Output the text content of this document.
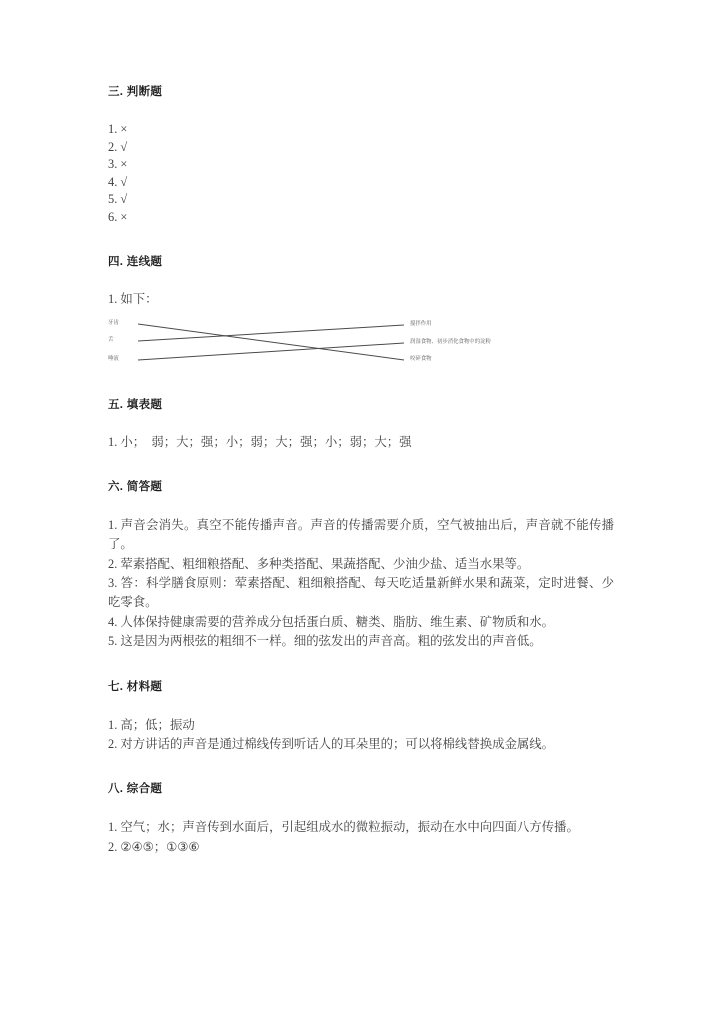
三. 判断题

1. ×

2. √

3. ×

4. √

5. √

6. ×

四. 连线题

1. 如下：

牙齿
舌
唾液
搅拌作用
润湿食物、初步消化食物中的淀粉
咬碎食物
五. 填表题

1. 小；  弱；大；强；小；弱；大；强；小；弱；大；强

六. 简答题

1. 声音会消失。真空不能传播声音。声音的传播需要介质，空气被抽出后，声音就不能传播了。

2. 荤素搭配、粗细粮搭配、多种类搭配、果蔬搭配、少油少盐、适当水果等。

3. 答：科学膳食原则：荤素搭配、粗细粮搭配、每天吃适量新鲜水果和蔬菜，定时进餐、少吃零食。

4. 人体保持健康需要的营养成分包括蛋白质、糖类、脂肪、维生素、矿物质和水。

5. 这是因为两根弦的粗细不一样。细的弦发出的声音高。粗的弦发出的声音低。

七. 材料题

1. 高；低；振动

2. 对方讲话的声音是通过棉线传到听话人的耳朵里的；可以将棉线替换成金属线。

八. 综合题

1. 空气；水；声音传到水面后，引起组成水的微粒振动，振动在水中向四面八方传播。

2. ②④⑤；①③⑥
